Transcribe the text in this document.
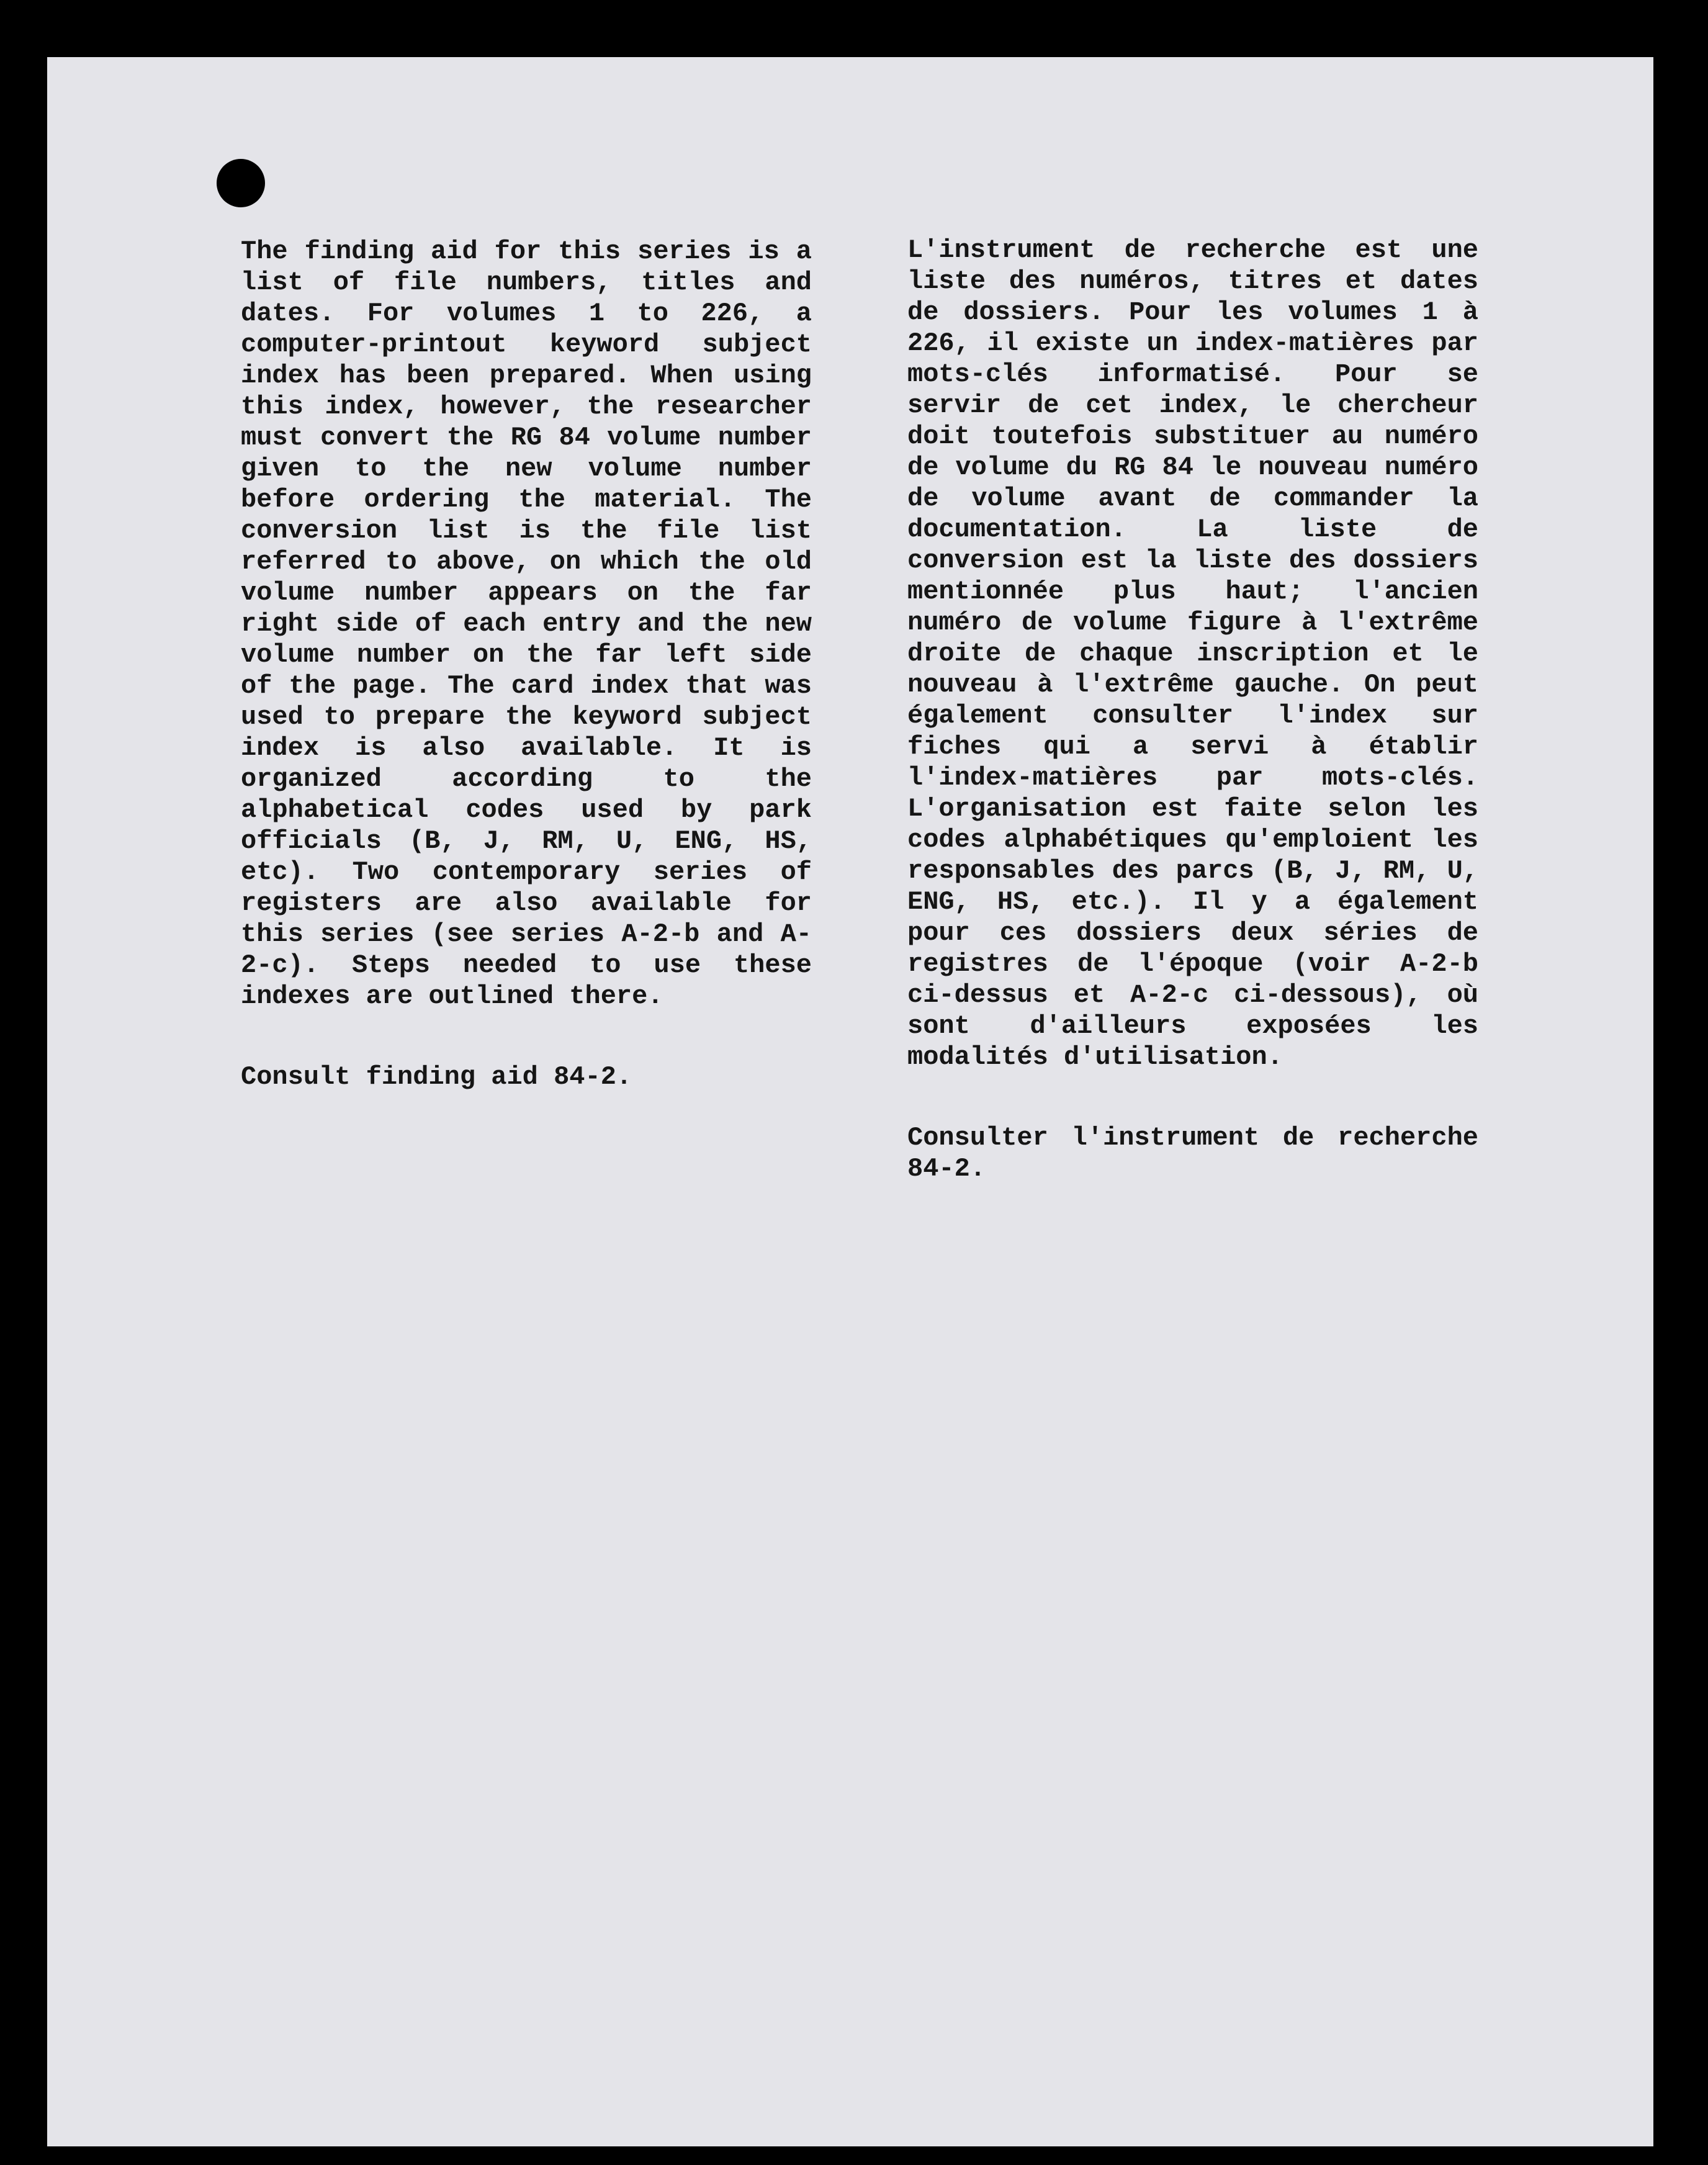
The finding aid for this series is a list of file numbers, titles and dates. For volumes 1 to 226, a computer-printout keyword subject index has been prepared. When using this index, however, the researcher must convert the RG 84 volume number given to the new volume number before ordering the material. The conversion list is the file list referred to above, on which the old volume number appears on the far right side of each entry and the new volume number on the far left side of the page. The card index that was used to prepare the keyword subject index is also available. It is organized according to the alphabetical codes used by park officials (B, J, RM, U, ENG, HS, etc). Two contemporary series of registers are also available for this series (see series A-2-b and A-2-c). Steps needed to use these indexes are outlined there.

Consult finding aid 84-2.

L'instrument de recherche est une liste des numéros, titres et dates de dossiers. Pour les volumes 1 à 226, il existe un index-matières par mots-clés informatisé. Pour se servir de cet index, le chercheur doit toutefois substituer au numéro de volume du RG 84 le nouveau numéro de volume avant de commander la documentation. La liste de conversion est la liste des dossiers mentionnée plus haut; l'ancien numéro de volume figure à l'extrême droite de chaque inscription et le nouveau à l'extrême gauche. On peut également consulter l'index sur fiches qui a servi à établir l'index-matières par mots-clés. L'organisation est faite selon les codes alphabétiques qu'emploient les responsables des parcs (B, J, RM, U, ENG, HS, etc.). Il y a également pour ces dossiers deux séries de registres de l'époque (voir A-2-b ci-dessus et A-2-c ci-dessous), où sont d'ailleurs exposées les modalités d'utilisation.

Consulter l'instrument de recherche 84-2.
